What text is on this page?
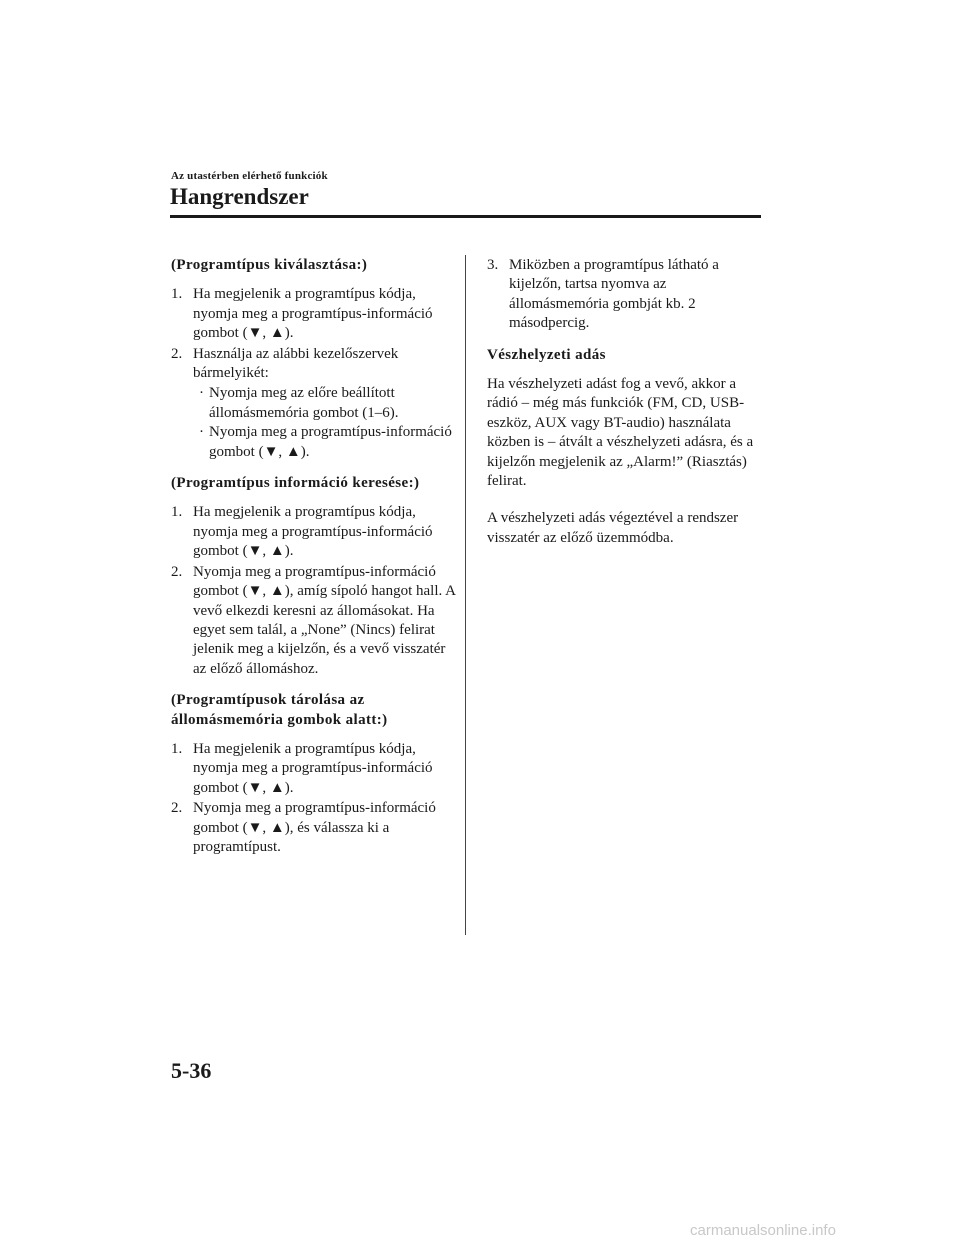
Az utastérben elérhető funkciók
Hangrendszer
(Programtípus kiválasztása:)
1. Ha megjelenik a programtípus kódja, nyomja meg a programtípus-információ gombot (▼, ▲).
2. Használja az alábbi kezelőszervek bármelyikét:
· Nyomja meg az előre beállított állomásmemória gombot (1–6).
· Nyomja meg a programtípus-információ gombot (▼, ▲).
(Programtípus információ keresése:)
1. Ha megjelenik a programtípus kódja, nyomja meg a programtípus-információ gombot (▼, ▲).
2. Nyomja meg a programtípus-információ gombot (▼, ▲), amíg sípoló hangot hall. A vevő elkezdi keresni az állomásokat. Ha egyet sem talál, a „None” (Nincs) felirat jelenik meg a kijelzőn, és a vevő visszatér az előző állomáshoz.
(Programtípusok tárolása az állomásmemória gombok alatt:)
1. Ha megjelenik a programtípus kódja, nyomja meg a programtípus-információ gombot (▼, ▲).
2. Nyomja meg a programtípus-információ gombot (▼, ▲), és válassza ki a programtípust.
3. Miközben a programtípus látható a kijelzőn, tartsa nyomva az állomásmemória gombját kb. 2 másodpercig.
Vészhelyzeti adás

Ha vészhelyzeti adást fog a vevő, akkor a rádió – még más funkciók (FM, CD, USB-eszköz, AUX vagy BT-audio) használata közben is – átvált a vészhelyzeti adásra, és a kijelzőn megjelenik az „Alarm!” (Riasztás) felirat.

A vészhelyzeti adás végeztével a rendszer visszatér az előző üzemmódba.

5-36
carmanualsonline.info
